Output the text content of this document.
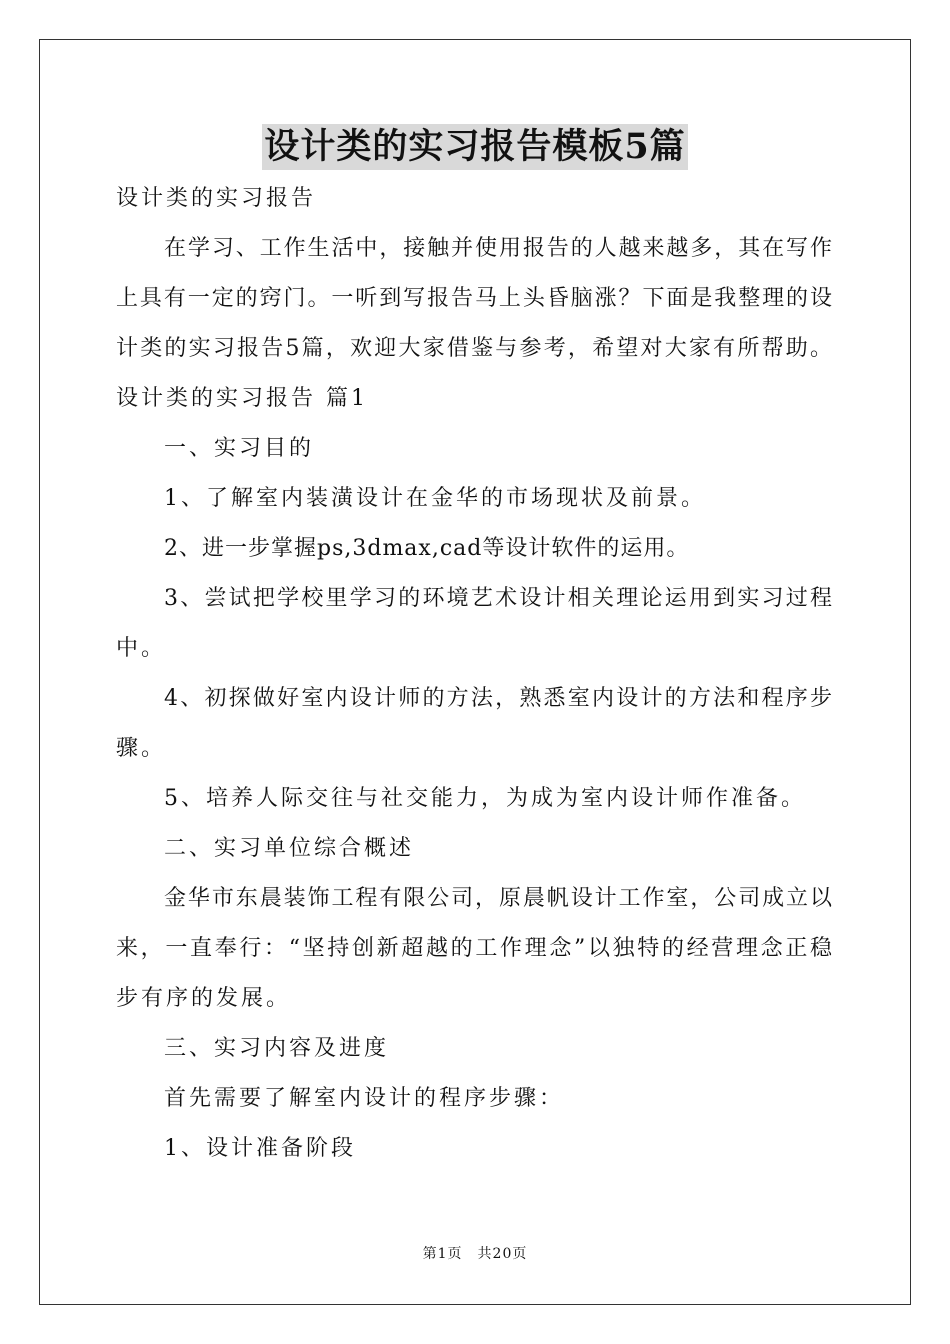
设计类的实习报告模板5篇
设计类的实习报告
在学习、工作生活中，接触并使用报告的人越来越多，其在写作
上具有一定的窍门。一听到写报告马上头昏脑涨？下面是我整理的设
计类的实习报告5篇，欢迎大家借鉴与参考，希望对大家有所帮助。
设计类的实习报告 篇1
一、实习目的
1、了解室内装潢设计在金华的市场现状及前景。
2、进一步掌握ps,3dmax,cad等设计软件的运用。
3、尝试把学校里学习的环境艺术设计相关理论运用到实习过程
中。
4、初探做好室内设计师的方法，熟悉室内设计的方法和程序步
骤。
5、培养人际交往与社交能力，为成为室内设计师作准备。
二、实习单位综合概述
金华市东晨装饰工程有限公司，原晨帆设计工作室，公司成立以
来，一直奉行：“坚持创新超越的工作理念”以独特的经营理念正稳
步有序的发展。
三、实习内容及进度
首先需要了解室内设计的程序步骤：
1、设计准备阶段
第1页　共20页
